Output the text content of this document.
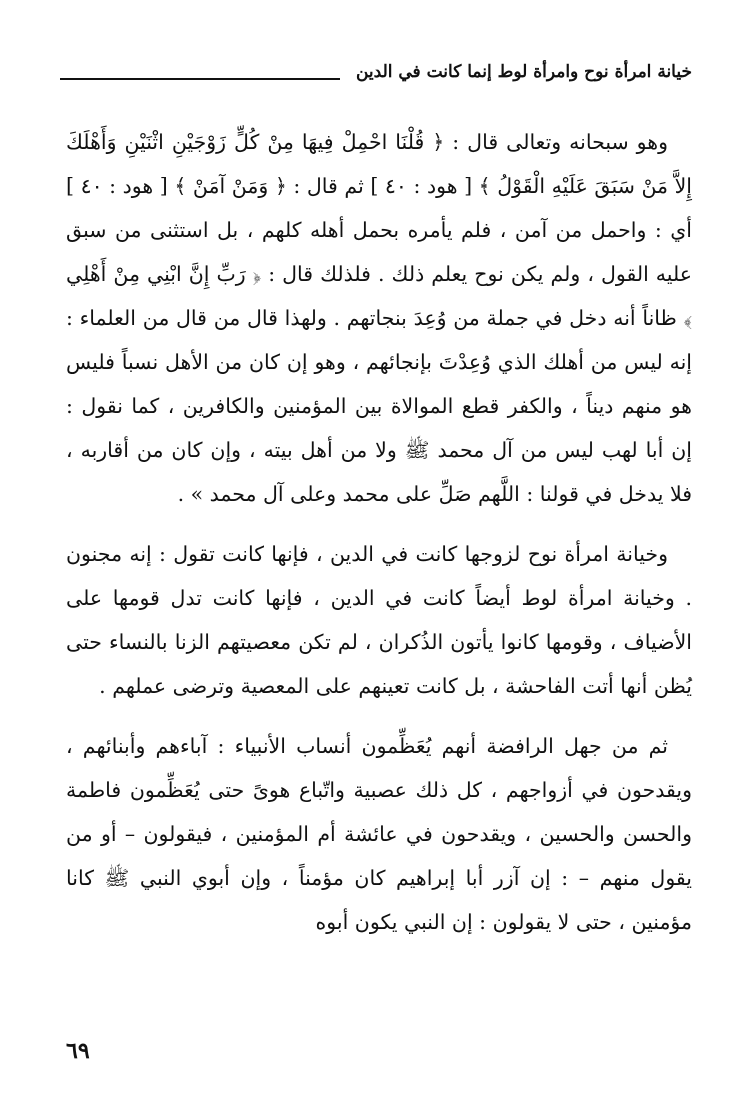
خيانة امرأة نوح وامرأة لوط إنما كانت في الدين

وهو سبحانه وتعالى قال : ﴿ قُلْنَا احْمِلْ فِيهَا مِنْ كُلٍّ زَوْجَيْنِ اثْنَيْنِ وَأَهْلَكَ إِلاَّ مَنْ سَبَقَ عَلَيْهِ الْقَوْلُ ﴾ [ هود : ٤٠ ] ثم قال : ﴿ وَمَنْ آمَنْ ﴾ [ هود : ٤٠ ] أي : واحمل من آمن ، فلم يأمره بحمل أهله كلهم ، بل استثنى من سبق عليه القول ، ولم يكن نوح يعلم ذلك . فلذلك قال : ﴿ رَبِّ إِنَّ ابْنِي مِنْ أَهْلِي ﴾ ظاناً أنه دخل في جملة من وُعِدَ بنجاتهم . ولهذا قال من قال من العلماء : إنه ليس من أهلك الذي وُعِدْتَ بإنجائهم ، وهو إن كان من الأهل نسباً فليس هو منهم ديناً ، والكفر قطع الموالاة بين المؤمنين والكافرين ، كما نقول : إن أبا لهب ليس من آل محمد ﷺ ولا من أهل بيته ، وإن كان من أقاربه ، فلا يدخل في قولنا : اللَّهم صَلِّ على محمد وعلى آل محمد » .

وخيانة امرأة نوح لزوجها كانت في الدين ، فإنها كانت تقول : إنه مجنون . وخيانة امرأة لوط أيضاً كانت في الدين ، فإنها كانت تدل قومها على الأضياف ، وقومها كانوا يأتون الذُكران ، لم تكن معصيتهم الزنا بالنساء حتى يُظن أنها أتت الفاحشة ، بل كانت تعينهم على المعصية وترضى عملهم .

ثم من جهل الرافضة أنهم يُعَظِّمون أنساب الأنبياء : آباءهم وأبنائهم ، ويقدحون في أزواجهم ، كل ذلك عصبية واتّباع هوىً حتى يُعَظِّمون فاطمة والحسن والحسين ، ويقدحون في عائشة أم المؤمنين ، فيقولون – أو من يقول منهم – : إن آزر أبا إبراهيم كان مؤمناً ، وإن أبوي النبي ﷺ كانا مؤمنين ، حتى لا يقولون : إن النبي يكون أبوه

٦٩
